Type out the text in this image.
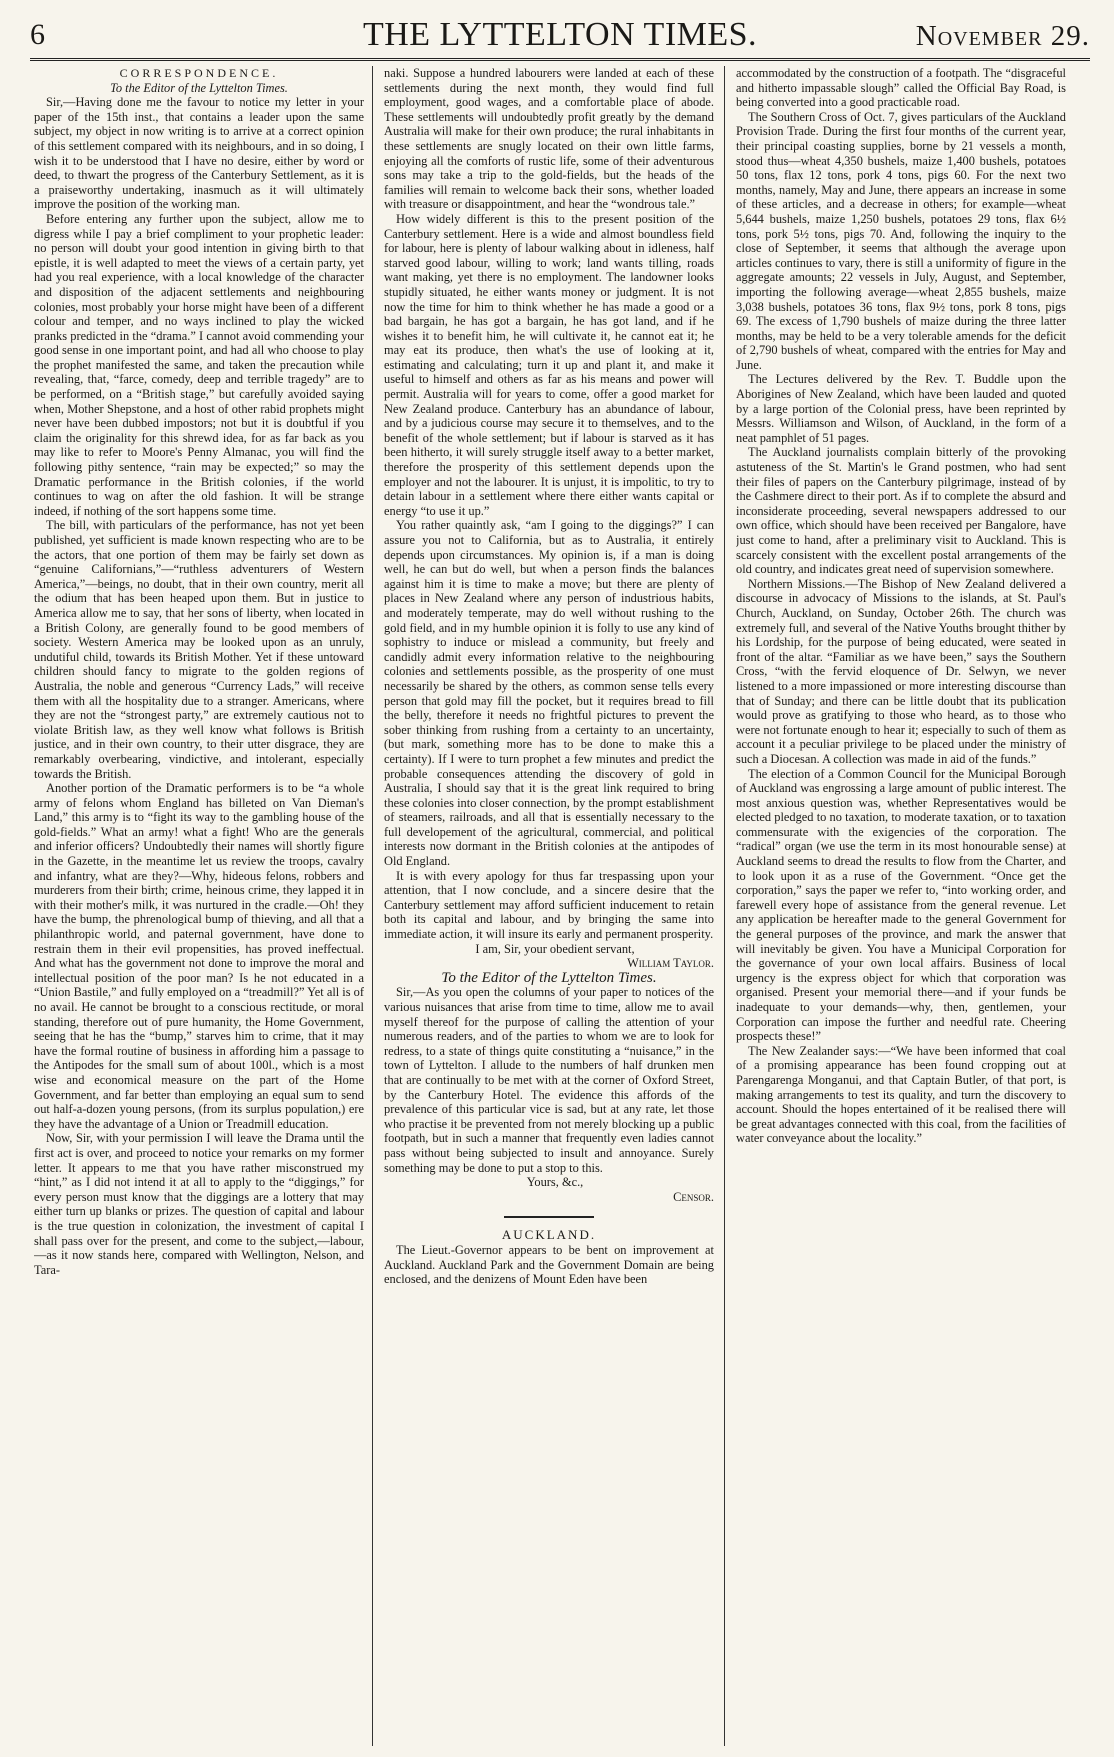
6	THE LYTTELTON TIMES.	November 29.

CORRESPONDENCE.

To the Editor of the Lyttelton Times.

Sir,—Having done me the favour to notice my letter in your paper of the 15th inst., that contains a leader upon the same subject, my object in now writing is to arrive at a correct opinion of this settlement compared with its neighbours, and in so doing, I wish it to be understood that I have no desire, either by word or deed, to thwart the progress of the Canterbury Settlement, as it is a praiseworthy undertaking, inasmuch as it will ultimately improve the position of the working man.

Before entering any further upon the subject, allow me to digress while I pay a brief compliment to your prophetic leader: no person will doubt your good intention in giving birth to that epistle, it is well adapted to meet the views of a certain party, yet had you real experience, with a local knowledge of the character and disposition of the adjacent settlements and neighbouring colonies, most probably your horse might have been of a different colour and temper, and no ways inclined to play the wicked pranks predicted in the “drama.” I cannot avoid commending your good sense in one important point, and had all who choose to play the prophet manifested the same, and taken the precaution while revealing, that, “farce, comedy, deep and terrible tragedy” are to be performed, on a “British stage,” but carefully avoided saying when, Mother Shepstone, and a host of other rabid prophets might never have been dubbed impostors; not but it is doubtful if you claim the originality for this shrewd idea, for as far back as you may like to refer to Moore's Penny Almanac, you will find the following pithy sentence, “rain may be expected;” so may the Dramatic performance in the British colonies, if the world continues to wag on after the old fashion. It will be strange indeed, if nothing of the sort happens some time.

The bill, with particulars of the performance, has not yet been published, yet sufficient is made known respecting who are to be the actors, that one portion of them may be fairly set down as “genuine Californians,”—“ruthless adventurers of Western America,”—beings, no doubt, that in their own country, merit all the odium that has been heaped upon them. But in justice to America allow me to say, that her sons of liberty, when located in a British Colony, are generally found to be good members of society. Western America may be looked upon as an unruly, undutiful child, towards its British Mother. Yet if these untoward children should fancy to migrate to the golden regions of Australia, the noble and generous “Currency Lads,” will receive them with all the hospitality due to a stranger. Americans, where they are not the “strongest party,” are extremely cautious not to violate British law, as they well know what follows is British justice, and in their own country, to their utter disgrace, they are remarkably overbearing, vindictive, and intolerant, especially towards the British.

Another portion of the Dramatic performers is to be “a whole army of felons whom England has billeted on Van Dieman's Land,” this army is to “fight its way to the gambling house of the gold-fields.” What an army! what a fight! Who are the generals and inferior officers? Undoubtedly their names will shortly figure in the Gazette, in the meantime let us review the troops, cavalry and infantry, what are they?—Why, hideous felons, robbers and murderers from their birth; crime, heinous crime, they lapped it in with their mother's milk, it was nurtured in the cradle.—Oh! they have the bump, the phrenological bump of thieving, and all that a philanthropic world, and paternal government, have done to restrain them in their evil propensities, has proved ineffectual. And what has the government not done to improve the moral and intellectual position of the poor man? Is he not educated in a “Union Bastile,” and fully employed on a “treadmill?” Yet all is of no avail. He cannot be brought to a conscious rectitude, or moral standing, therefore out of pure humanity, the Home Government, seeing that he has the “bump,” starves him to crime, that it may have the formal routine of business in affording him a passage to the Antipodes for the small sum of about 100l., which is a most wise and economical measure on the part of the Home Government, and far better than employing an equal sum to send out half-a-dozen young persons, (from its surplus population,) ere they have the advantage of a Union or Treadmill education.

Now, Sir, with your permission I will leave the Drama until the first act is over, and proceed to notice your remarks on my former letter. It appears to me that you have rather misconstrued my “hint,” as I did not intend it at all to apply to the “diggings,” for every person must know that the diggings are a lottery that may either turn up blanks or prizes. The question of capital and labour is the true question in colonization, the investment of capital I shall pass over for the present, and come to the subject,—labour,—as it now stands here, compared with Wellington, Nelson, and Tara-

naki. Suppose a hundred labourers were landed at each of these settlements during the next month, they would find full employment, good wages, and a comfortable place of abode. These settlements will undoubtedly profit greatly by the demand Australia will make for their own produce; the rural inhabitants in these settlements are snugly located on their own little farms, enjoying all the comforts of rustic life, some of their adventurous sons may take a trip to the gold-fields, but the heads of the families will remain to welcome back their sons, whether loaded with treasure or disappointment, and hear the “wondrous tale.”

How widely different is this to the present position of the Canterbury settlement. Here is a wide and almost boundless field for labour, here is plenty of labour walking about in idleness, half starved good labour, willing to work; land wants tilling, roads want making, yet there is no employment. The landowner looks stupidly situated, he either wants money or judgment. It is not now the time for him to think whether he has made a good or a bad bargain, he has got a bargain, he has got land, and if he wishes it to benefit him, he will cultivate it, he cannot eat it; he may eat its produce, then what's the use of looking at it, estimating and calculating; turn it up and plant it, and make it useful to himself and others as far as his means and power will permit. Australia will for years to come, offer a good market for New Zealand produce. Canterbury has an abundance of labour, and by a judicious course may secure it to themselves, and to the benefit of the whole settlement; but if labour is starved as it has been hitherto, it will surely struggle itself away to a better market, therefore the prosperity of this settlement depends upon the employer and not the labourer. It is unjust, it is impolitic, to try to detain labour in a settlement where there either wants capital or energy “to use it up.”

You rather quaintly ask, “am I going to the diggings?” I can assure you not to California, but as to Australia, it entirely depends upon circumstances. My opinion is, if a man is doing well, he can but do well, but when a person finds the balances against him it is time to make a move; but there are plenty of places in New Zealand where any person of industrious habits, and moderately temperate, may do well without rushing to the gold field, and in my humble opinion it is folly to use any kind of sophistry to induce or mislead a community, but freely and candidly admit every information relative to the neighbouring colonies and settlements possible, as the prosperity of one must necessarily be shared by the others, as common sense tells every person that gold may fill the pocket, but it requires bread to fill the belly, therefore it needs no frightful pictures to prevent the sober thinking from rushing from a certainty to an uncertainty, (but mark, something more has to be done to make this a certainty). If I were to turn prophet a few minutes and predict the probable consequences attending the discovery of gold in Australia, I should say that it is the great link required to bring these colonies into closer connection, by the prompt establishment of steamers, railroads, and all that is essentially necessary to the full developement of the agricultural, commercial, and political interests now dormant in the British colonies at the antipodes of Old England.

It is with every apology for thus far trespassing upon your attention, that I now conclude, and a sincere desire that the Canterbury settlement may afford sufficient inducement to retain both its capital and labour, and by bringing the same into immediate action, it will insure its early and permanent prosperity.

I am, Sir, your obedient servant,

William Taylor.

To the Editor of the Lyttelton Times.

Sir,—As you open the columns of your paper to notices of the various nuisances that arise from time to time, allow me to avail myself thereof for the purpose of calling the attention of your numerous readers, and of the parties to whom we are to look for redress, to a state of things quite constituting a “nuisance,” in the town of Lyttelton. I allude to the numbers of half drunken men that are continually to be met with at the corner of Oxford Street, by the Canterbury Hotel. The evidence this affords of the prevalence of this particular vice is sad, but at any rate, let those who practise it be prevented from not merely blocking up a public footpath, but in such a manner that frequently even ladies cannot pass without being subjected to insult and annoyance. Surely something may be done to put a stop to this.

Yours, &c.,

Censor.

AUCKLAND.

The Lieut.-Governor appears to be bent on improvement at Auckland. Auckland Park and the Government Domain are being enclosed, and the denizens of Mount Eden have been

accommodated by the construction of a footpath. The “disgraceful and hitherto impassable slough” called the Official Bay Road, is being converted into a good practicable road.

The Southern Cross of Oct. 7, gives particulars of the Auckland Provision Trade. During the first four months of the current year, their principal coasting supplies, borne by 21 vessels a month, stood thus—wheat 4,350 bushels, maize 1,400 bushels, potatoes 50 tons, flax 12 tons, pork 4 tons, pigs 60. For the next two months, namely, May and June, there appears an increase in some of these articles, and a decrease in others; for example—wheat 5,644 bushels, maize 1,250 bushels, potatoes 29 tons, flax 6½ tons, pork 5½ tons, pigs 70. And, following the inquiry to the close of September, it seems that although the average upon articles continues to vary, there is still a uniformity of figure in the aggregate amounts; 22 vessels in July, August, and September, importing the following average—wheat 2,855 bushels, maize 3,038 bushels, potatoes 36 tons, flax 9½ tons, pork 8 tons, pigs 69. The excess of 1,790 bushels of maize during the three latter months, may be held to be a very tolerable amends for the deficit of 2,790 bushels of wheat, compared with the entries for May and June.

The Lectures delivered by the Rev. T. Buddle upon the Aborigines of New Zealand, which have been lauded and quoted by a large portion of the Colonial press, have been reprinted by Messrs. Williamson and Wilson, of Auckland, in the form of a neat pamphlet of 51 pages.

The Auckland journalists complain bitterly of the provoking astuteness of the St. Martin's le Grand postmen, who had sent their files of papers on the Canterbury pilgrimage, instead of by the Cashmere direct to their port. As if to complete the absurd and inconsiderate proceeding, several newspapers addressed to our own office, which should have been received per Bangalore, have just come to hand, after a preliminary visit to Auckland. This is scarcely consistent with the excellent postal arrangements of the old country, and indicates great need of supervision somewhere.

Northern Missions.—The Bishop of New Zealand delivered a discourse in advocacy of Missions to the islands, at St. Paul's Church, Auckland, on Sunday, October 26th. The church was extremely full, and several of the Native Youths brought thither by his Lordship, for the purpose of being educated, were seated in front of the altar. “Familiar as we have been,” says the Southern Cross, “with the fervid eloquence of Dr. Selwyn, we never listened to a more impassioned or more interesting discourse than that of Sunday; and there can be little doubt that its publication would prove as gratifying to those who heard, as to those who were not fortunate enough to hear it; especially to such of them as account it a peculiar privilege to be placed under the ministry of such a Diocesan. A collection was made in aid of the funds.”

The election of a Common Council for the Municipal Borough of Auckland was engrossing a large amount of public interest. The most anxious question was, whether Representatives would be elected pledged to no taxation, to moderate taxation, or to taxation commensurate with the exigencies of the corporation. The “radical” organ (we use the term in its most honourable sense) at Auckland seems to dread the results to flow from the Charter, and to look upon it as a ruse of the Government. “Once get the corporation,” says the paper we refer to, “into working order, and farewell every hope of assistance from the general revenue. Let any application be hereafter made to the general Government for the general purposes of the province, and mark the answer that will inevitably be given. You have a Municipal Corporation for the governance of your own local affairs. Business of local urgency is the express object for which that corporation was organised. Present your memorial there—and if your funds be inadequate to your demands—why, then, gentlemen, your Corporation can impose the further and needful rate. Cheering prospects these!”

The New Zealander says:—“We have been informed that coal of a promising appearance has been found cropping out at Parengarenga Monganui, and that Captain Butler, of that port, is making arrangements to test its quality, and turn the discovery to account. Should the hopes entertained of it be realised there will be great advantages connected with this coal, from the facilities of water conveyance about the locality.”
